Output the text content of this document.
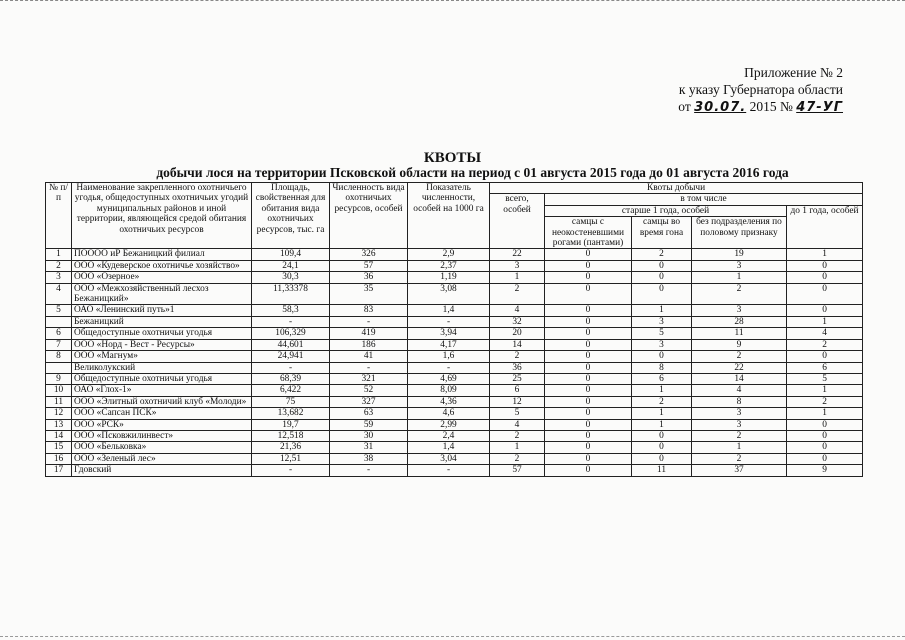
Приложение № 2
к указу Губернатора области
от 30.07. 2015 № 47-УГ
КВОТЫ
добычи лося на территории Псковской области на период с 01 августа 2015 года до 01 августа 2016 года
№ п/п	Наименование закрепленного охотничьего угодья, общедоступных охотничьих угодий муниципальных районов и иной территории, являющейся средой обитания охотничьих ресурсов	Площадь, свойственная для обитания вида охотничьих ресурсов, тыс. га	Численность вида охотничьих ресурсов, особей	Показатель численности, особей на 1000 га	Квоты добычи				
					всего, особей	в том числе			
						старше 1 года, особей			до 1 года, особей
						самцы с неокостеневшими рогами (пантами)	самцы во время гона	без подразделения по половому признаку	
1	ПОООО иР Бежаницкий филиал	109,4	326	2,9	22	0	2	19	1
2	ООО «Кудеверское охотничье хозяйство»	24,1	57	2,37	3	0	0	3	0
3	ООО «Озерное»	30,3	36	1,19	1	0	0	1	0
4	ООО «Межхозяйственный лесхоз Бежаницкий»	11,33378	35	3,08	2	0	0	2	0
5	ОАО «Ленинский путь»1	58,3	83	1,4	4	0	1	3	0
	Бежаницкий	-	-	-	32	0	3	28	1
6	Общедоступные охотничьи угодья	106,329	419	3,94	20	0	5	11	4
7	ООО «Норд - Вест - Ресурсы»	44,601	186	4,17	14	0	3	9	2
8	ООО «Магнум»	24,941	41	1,6	2	0	0	2	0
	Великолукский	-	-	-	36	0	8	22	6
9	Общедоступные охотничьи угодья	68,39	321	4,69	25	0	6	14	5
10	ОАО «Глох-1»	6,422	52	8,09	6	0	1	4	1
11	ООО «Элитный охотничий клуб «Молоди»	75	327	4,36	12	0	2	8	2
12	ООО «Сапсан ПСК»	13,682	63	4,6	5	0	1	3	1
13	ООО «РСК»	19,7	59	2,99	4	0	1	3	0
14	ООО «Псковжилинвест»	12,518	30	2,4	2	0	0	2	0
15	ООО «Бельковка»	21,36	31	1,4	1	0	0	1	0
16	ООО «Зеленый лес»	12,51	38	3,04	2	0	0	2	0
17	Гдовский	-	-	-	57	0	11	37	9
